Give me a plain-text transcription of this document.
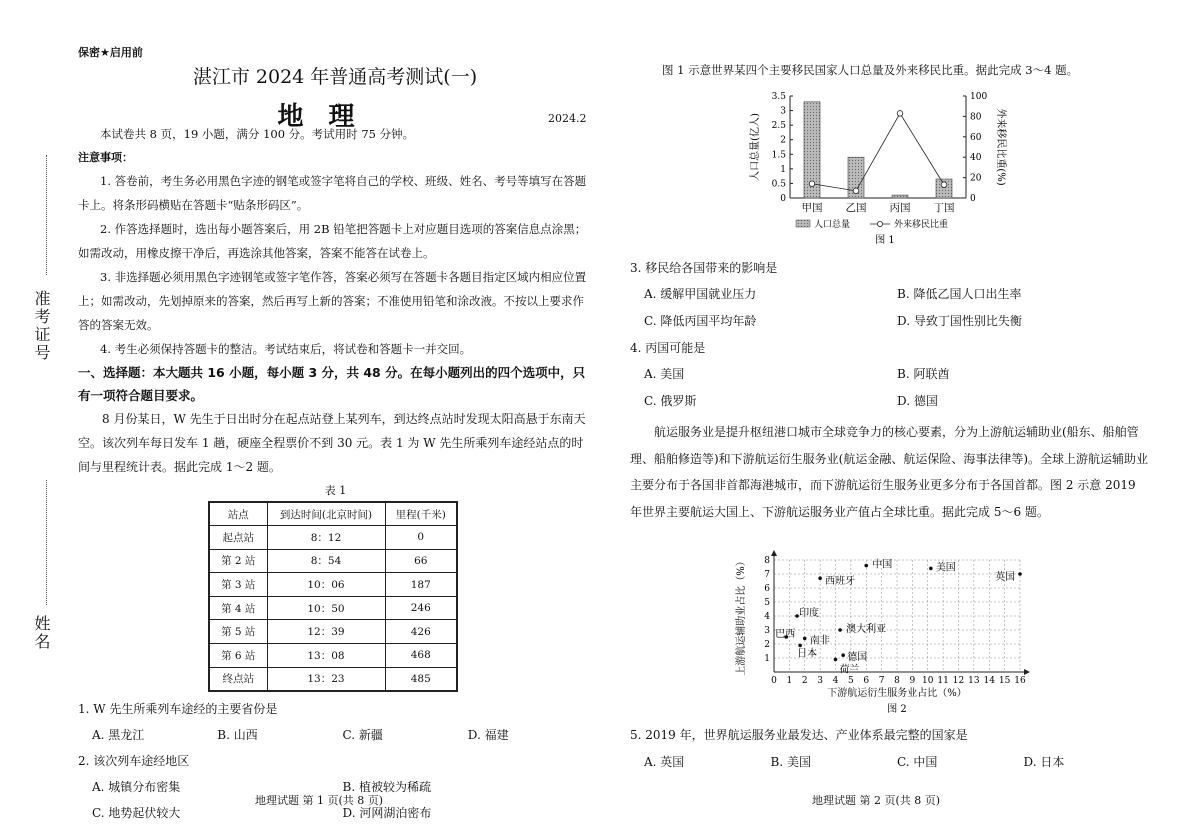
准考证号
姓名
保密★启用前
湛江市 2024 年普通高考测试(一)
地 理	2024.2
本试卷共 8 页，19 小题，满分 100 分。考试用时 75 分钟。
注意事项：
1. 答卷前，考生务必用黑色字迹的钢笔或签字笔将自己的学校、班级、姓名、考号等填写在答题卡上。将条形码横贴在答题卡“贴条形码区”。
2. 作答选择题时，选出每小题答案后，用 2B 铅笔把答题卡上对应题目选项的答案信息点涂黑；如需改动，用橡皮擦干净后，再选涂其他答案，答案不能答在试卷上。
3. 非选择题必须用黑色字迹钢笔或签字笔作答，答案必须写在答题卡各题目指定区域内相应位置上；如需改动，先划掉原来的答案，然后再写上新的答案；不准使用铅笔和涂改液。不按以上要求作答的答案无效。
4. 考生必须保持答题卡的整洁。考试结束后，将试卷和答题卡一并交回。
一、选择题：本大题共 16 小题，每小题 3 分，共 48 分。在每小题列出的四个选项中，只有一项符合题目要求。
8 月份某日，W 先生于日出时分在起点站登上某列车，到达终点站时发现太阳高悬于东南天空。该次列车每日发车 1 趟，硬座全程票价不到 30 元。表 1 为 W 先生所乘列车途经站点的时间与里程统计表。据此完成 1～2 题。
表 1
站点	到达时间(北京时间)	里程(千米)
起点站	8：12	0
第 2 站	8：54	66
第 3 站	10：06	187
第 4 站	10：50	246
第 5 站	12：39	426
第 6 站	13：08	468
终点站	13：23	485
1. W 先生所乘列车途经的主要省份是
A. 黑龙江	B. 山西	C. 新疆	D. 福建
2. 该次列车途经地区
A. 城镇分布密集	B. 植被较为稀疏
C. 地势起伏较大	D. 河网湖泊密布
地理试题 第 1 页(共 8 页)
图 1 示意世界某四个主要移民国家人口总量及外来移民比重。据此完成 3～4 题。
0
0.5
1
1.5
2
2.5
3
3.5
0
20
40
60
80
100
人口总量(亿人)	外来移民比重(%)
甲国 乙国 丙国 丁国
人口总量	外来移民比重
图 1
3. 移民给各国带来的影响是
A. 缓解甲国就业压力	B. 降低乙国人口出生率
C. 降低丙国平均年龄	D. 导致丁国性别比失衡
4. 丙国可能是
A. 美国	B. 阿联酋
C. 俄罗斯	D. 德国
航运服务业是提升枢纽港口城市全球竞争力的核心要素，分为上游航运辅助业(船东、船舶管理、船舶修造等)和下游航运衍生服务业(航运金融、航运保险、海事法律等)。全球上游航运辅助业主要分布于各国非首都海港城市，而下游航运衍生服务业更多分布于各国首都。图 2 示意 2019 年世界主要航运大国上、下游航运服务业产值占全球比重。据此完成 5～6 题。
0 1 2 3 4 5 6 7 8 9 10 11 12 13 14 15 16
1
2
3
4
5
6
7
8
下游航运衍生服务业占比（%）
上游航运辅助业占比（%）	中国	美国
英国
西班牙
印度
澳大利亚
巴西
南非
日本	德国
荷兰
图 2
5. 2019 年，世界航运服务业最发达、产业体系最完整的国家是
A. 英国	B. 美国	C. 中国	D. 日本
地理试题 第 2 页(共 8 页)
